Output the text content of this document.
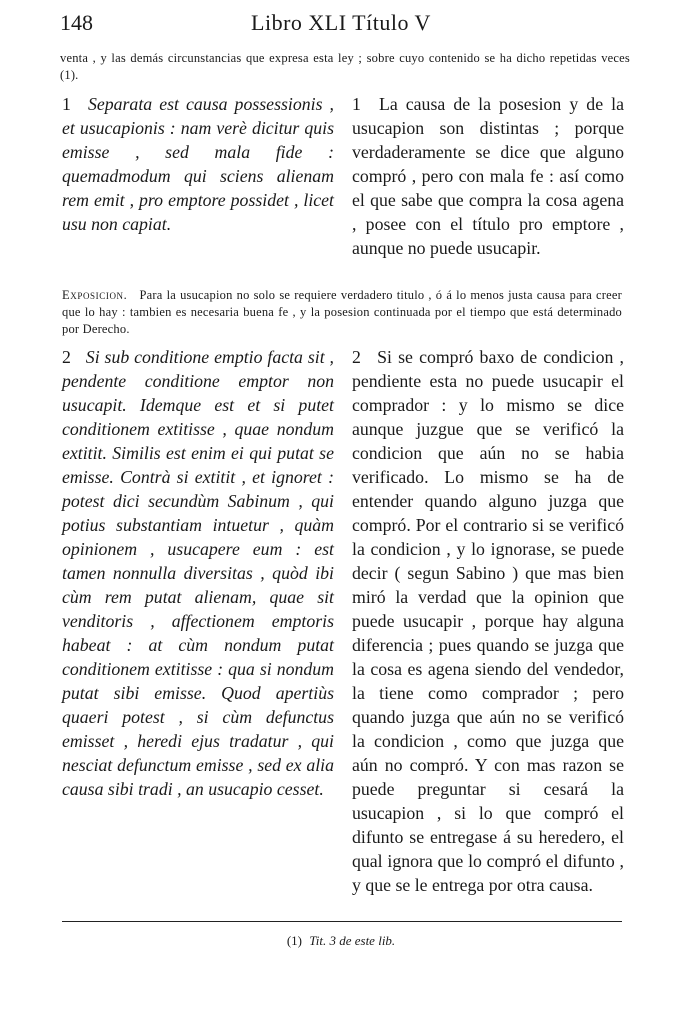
148	Libro XLI Título V
venta , y las demás circunstancias que expresa esta ley ; sobre cuyo contenido se ha dicho repetidas veces (1).
1 Separata est causa possessionis , et usucapionis : nam verè dicitur quis emisse , sed mala fide : quemadmodum qui sciens alienam rem emit , pro emptore possidet , licet usu non capiat.
1 La causa de la posesion y de la usucapion son distintas ; porque verdaderamente se dice que alguno compró , pero con mala fe : así como el que sabe que compra la cosa agena , posee con el título pro emptore , aunque no puede usucapir.
Exposicion. Para la usucapion no solo se requiere verdadero titulo , ó á lo menos justa causa para creer que lo hay : tambien es necesaria buena fe , y la posesion continuada por el tiempo que está determinado por Derecho.
2 Si sub conditione emptio facta sit , pendente conditione emptor non usucapit. Idemque est et si putet conditionem extitisse , quae nondum extitit. Similis est enim ei qui putat se emisse. Contrà si extitit , et ignoret : potest dici secundùm Sabinum , qui potius substantiam intuetur , quàm opinionem , usucapere eum : est tamen nonnulla diversitas , quòd ibi cùm rem putat alienam, quae sit venditoris , affectionem emptoris habeat : at cùm nondum putat conditionem extitisse : qua si nondum putat sibi emisse. Quod apertiùs quaeri potest , si cùm defunctus emisset , heredi ejus tradatur , qui nesciat defunctum emisse , sed ex alia causa sibi tradi , an usucapio cesset.
2 Si se compró baxo de condicion , pendiente esta no puede usucapir el comprador : y lo mismo se dice aunque juzgue que se verificó la condicion que aún no se habia verificado. Lo mismo se ha de entender quando alguno juzga que compró. Por el contrario si se verificó la condicion , y lo ignorase, se puede decir ( segun Sabino ) que mas bien miró la verdad que la opinion que puede usucapir , porque hay alguna diferencia ; pues quando se juzga que la cosa es agena siendo del vendedor, la tiene como comprador ; pero quando juzga que aún no se verificó la condicion , como que juzga que aún no compró. Y con mas razon se puede preguntar si cesará la usucapion , si lo que compró el difunto se entregase á su heredero, el qual ignora que lo compró el difunto , y que se le entrega por otra causa.
(1) Tit. 3 de este lib.
